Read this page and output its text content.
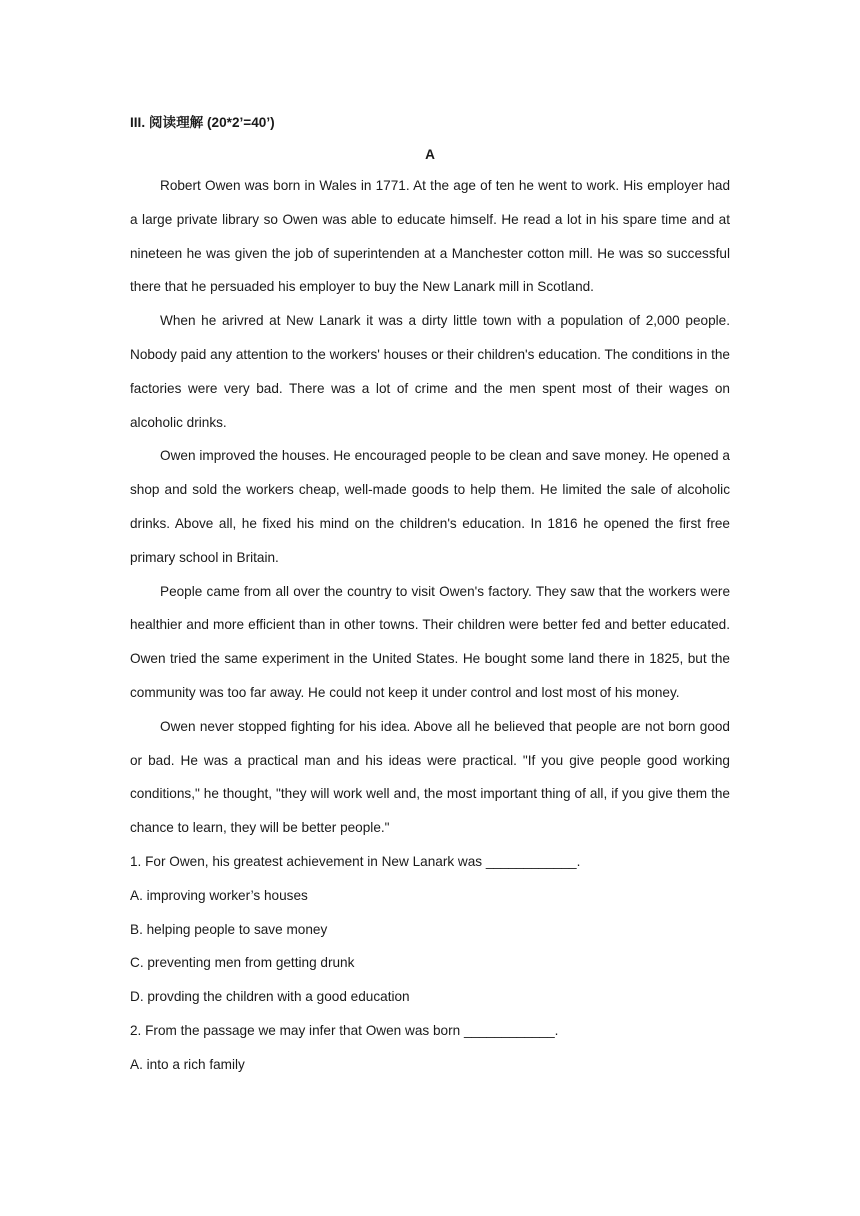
III. 阅读理解 (20*2’=40’)

A

Robert Owen was born in Wales in 1771. At the age of ten he went to work. His employer had a large private library so Owen was able to educate himself. He read a lot in his spare time and at nineteen he was given the job of superintenden at a Manchester cotton mill. He was so successful there that he persuaded his employer to buy the New Lanark mill in Scotland.

When he arivred at New Lanark it was a dirty little town with a population of 2,000 people. Nobody paid any attention to the workers' houses or their children's education. The conditions in the factories were very bad. There was a lot of crime and the men spent most of their wages on alcoholic drinks.

Owen improved the houses. He encouraged people to be clean and save money. He opened a shop and sold the workers cheap, well-made goods to help them. He limited the sale of alcoholic drinks. Above all, he fixed his mind on the children's education. In 1816 he opened the first free primary school in Britain.

People came from all over the country to visit Owen's factory. They saw that the workers were healthier and more efficient than in other towns. Their children were better fed and better educated. Owen tried the same experiment in the United States. He bought some land there in 1825, but the community was too far away. He could not keep it under control and lost most of his money.

Owen never stopped fighting for his idea. Above all he believed that people are not born good or bad. He was a practical man and his ideas were practical. "If you give people good working conditions," he thought, "they will work well and, the most important thing of all, if you give them the chance to learn, they will be better people."

1. For Owen, his greatest achievement in New Lanark was ____________.

A. improving worker’s houses

B. helping people to save money

C. preventing men from getting drunk

D. provding the children with a good education

2. From the passage we may infer that Owen was born ____________.

A. into a rich family
